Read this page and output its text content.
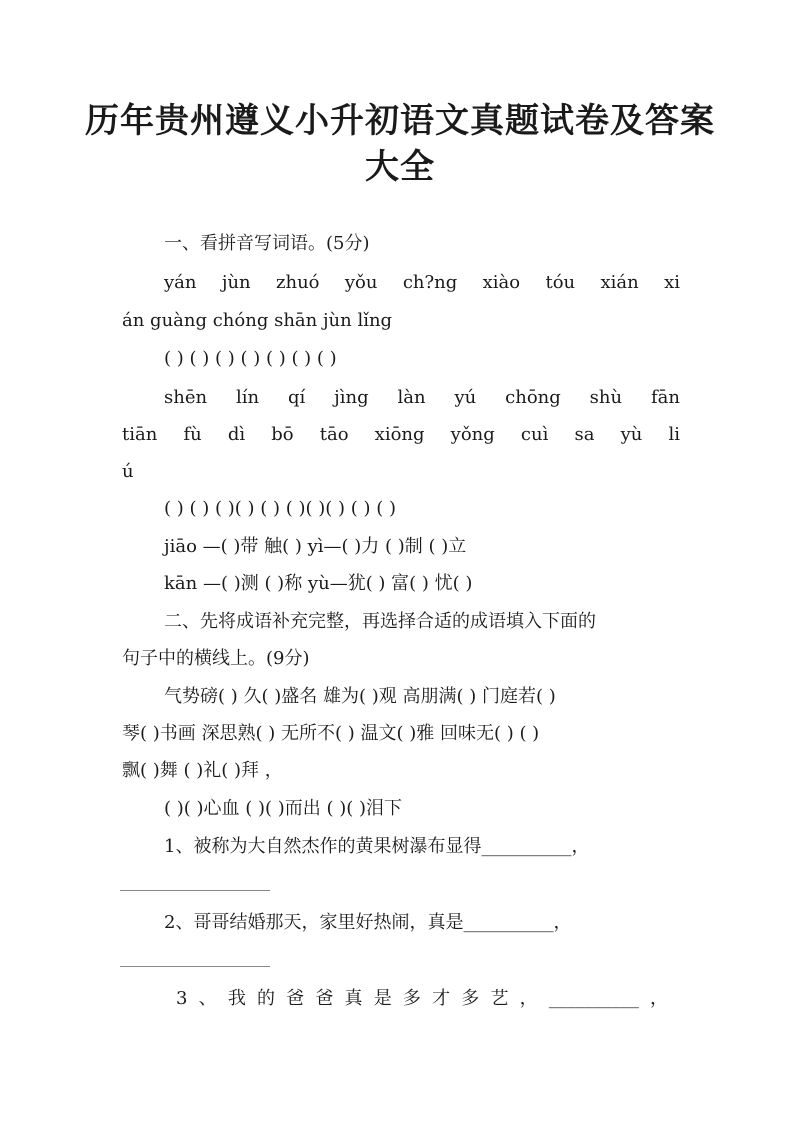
历年贵州遵义小升初语文真题试卷及答案
大全
一、看拼音写词语。(5分)
yán jùn zhuó yǒu ch?ng xiào tóu xián xi
án guàng chóng shān jùn lǐng
( ) ( ) ( ) ( ) ( ) ( ) ( )
shēn lín qí jìng làn yú chōng shù fān
tiān fù dì bō tāo xiōng yǒng cuì sa yù li
ú
( ) ( ) ( )( ) ( ) ( )( )( ) ( ) ( )
jiāo —( )带 触( ) yì—( )力 ( )制 ( )立
kān —( )测 ( )称 yù—犹( ) 富( ) 忧( )
二、先将成语补充完整，再选择合适的成语填入下面的
句子中的横线上。(9分)
气势磅( ) 久( )盛名 雄为( )观 高朋满( ) 门庭若( )
琴( )书画 深思熟( ) 无所不( ) 温文( )雅 回味无( ) ( )
飘( )舞 ( )礼( )拜 ，
( )( )心血 ( )( )而出 ( )( )泪下
1、被称为大自然杰作的黄果树瀑布显得__________，
2、哥哥结婚那天，家里好热闹，真是__________，
3、我的爸爸真是多才多艺，__________，
